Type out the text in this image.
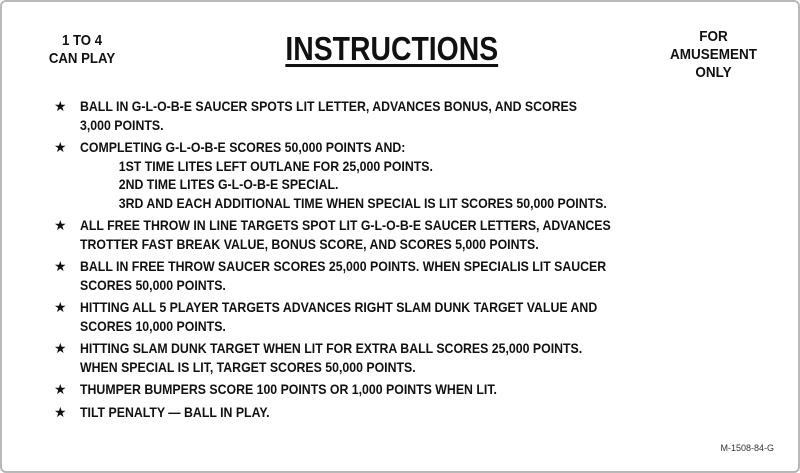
1 TO 4
CAN PLAY	INSTRUCTIONS	FOR
AMUSEMENT
ONLY
★ BALL IN G-L-O-B-E SAUCER SPOTS LIT LETTER, ADVANCES BONUS, AND SCORES
3,000 POINTS.
★ COMPLETING G-L-O-B-E SCORES 50,000 POINTS AND:
1ST TIME LITES LEFT OUTLANE FOR 25,000 POINTS.
2ND TIME LITES G-L-O-B-E SPECIAL.
3RD AND EACH ADDITIONAL TIME WHEN SPECIAL IS LIT SCORES 50,000 POINTS.
★ ALL FREE THROW IN LINE TARGETS SPOT LIT G-L-O-B-E SAUCER LETTERS, ADVANCES
TROTTER FAST BREAK VALUE, BONUS SCORE, AND SCORES 5,000 POINTS.
★ BALL IN FREE THROW SAUCER SCORES 25,000 POINTS. WHEN SPECIALIS LIT SAUCER
SCORES 50,000 POINTS.
★ HITTING ALL 5 PLAYER TARGETS ADVANCES RIGHT SLAM DUNK TARGET VALUE AND
SCORES 10,000 POINTS.
★ HITTING SLAM DUNK TARGET WHEN LIT FOR EXTRA BALL SCORES 25,000 POINTS.
WHEN SPECIAL IS LIT, TARGET SCORES 50,000 POINTS.
★ THUMPER BUMPERS SCORE 100 POINTS OR 1,000 POINTS WHEN LIT.
★ TILT PENALTY — BALL IN PLAY.
M-1508-84-G
